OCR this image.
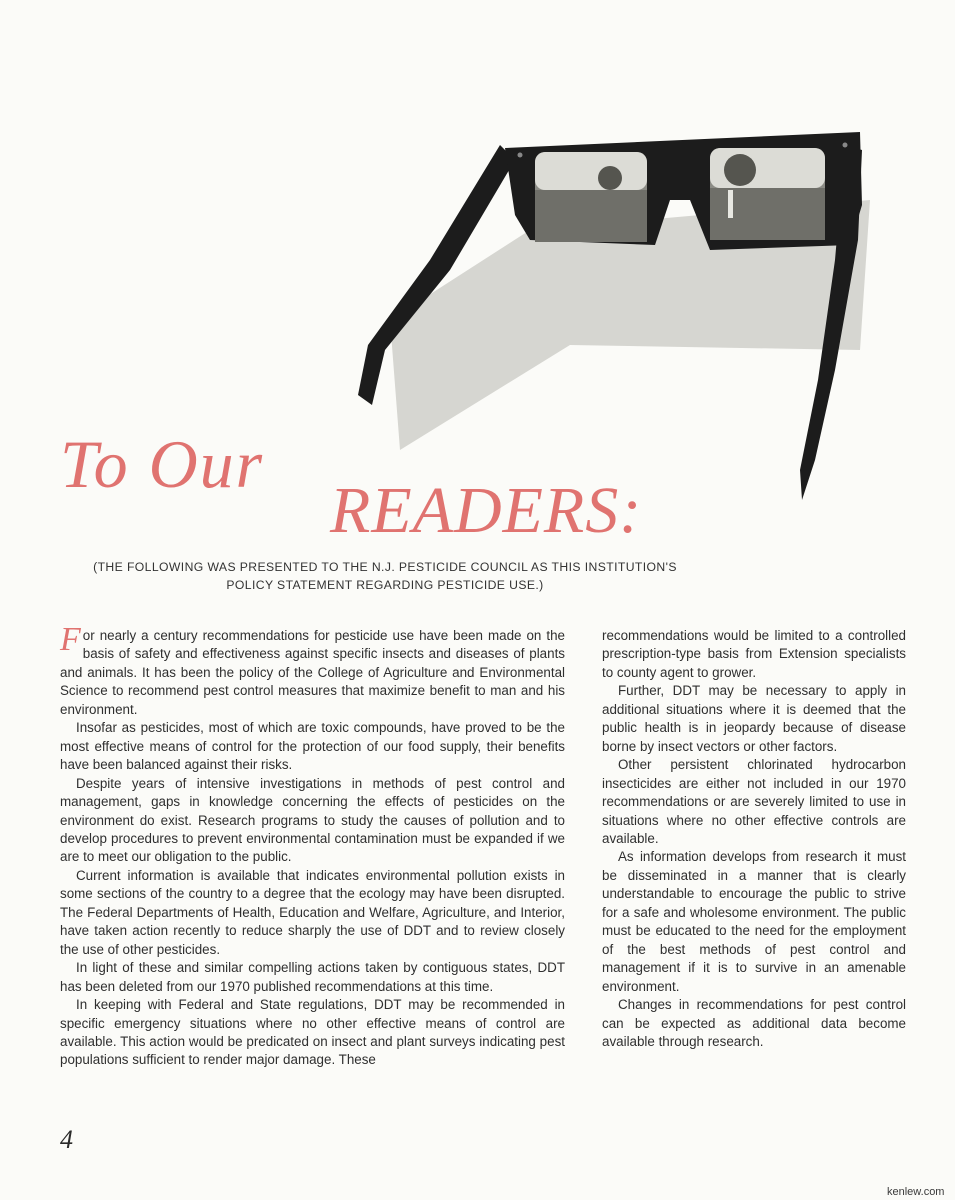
To Our
READERS:
(THE FOLLOWING WAS PRESENTED TO THE N.J. PESTICIDE COUNCIL AS THIS INSTITUTION'S
POLICY STATEMENT REGARDING PESTICIDE USE.)

For nearly a century recommendations for pesticide use have been made on the basis of safety and effectiveness against specific insects and diseases of plants and animals. It has been the policy of the College of Agriculture and Environmental Science to recommend pest control measures that maximize benefit to man and his environment.

Insofar as pesticides, most of which are toxic compounds, have proved to be the most effective means of control for the protection of our food supply, their benefits have been balanced against their risks.

Despite years of intensive investigations in methods of pest control and management, gaps in knowledge concerning the effects of pesticides on the environment do exist. Research programs to study the causes of pollution and to develop procedures to prevent environmental contamination must be expanded if we are to meet our obligation to the public.

Current information is available that indicates environmental pollution exists in some sections of the country to a degree that the ecology may have been disrupted. The Federal Departments of Health, Education and Welfare, Agriculture, and Interior, have taken action recently to reduce sharply the use of DDT and to review closely the use of other pesticides.

In light of these and similar compelling actions taken by contiguous states, DDT has been deleted from our 1970 published recommendations at this time.

In keeping with Federal and State regulations, DDT may be recommended in specific emergency situations where no other effective means of control are available. This action would be predicated on insect and plant surveys indicating pest populations sufficient to render major damage. These

recommendations would be limited to a controlled prescription-type basis from Extension specialists to county agent to grower.

Further, DDT may be necessary to apply in additional situations where it is deemed that the public health is in jeopardy because of disease borne by insect vectors or other factors.

Other persistent chlorinated hydrocarbon insecticides are either not included in our 1970 recommendations or are severely limited to use in situations where no other effective controls are available.

As information develops from research it must be disseminated in a manner that is clearly understandable to encourage the public to strive for a safe and wholesome environment. The public must be educated to the need for the employment of the best methods of pest control and management if it is to survive in an amenable environment.

Changes in recommendations for pest control can be expected as additional data become available through research.

4
kenlew.com
